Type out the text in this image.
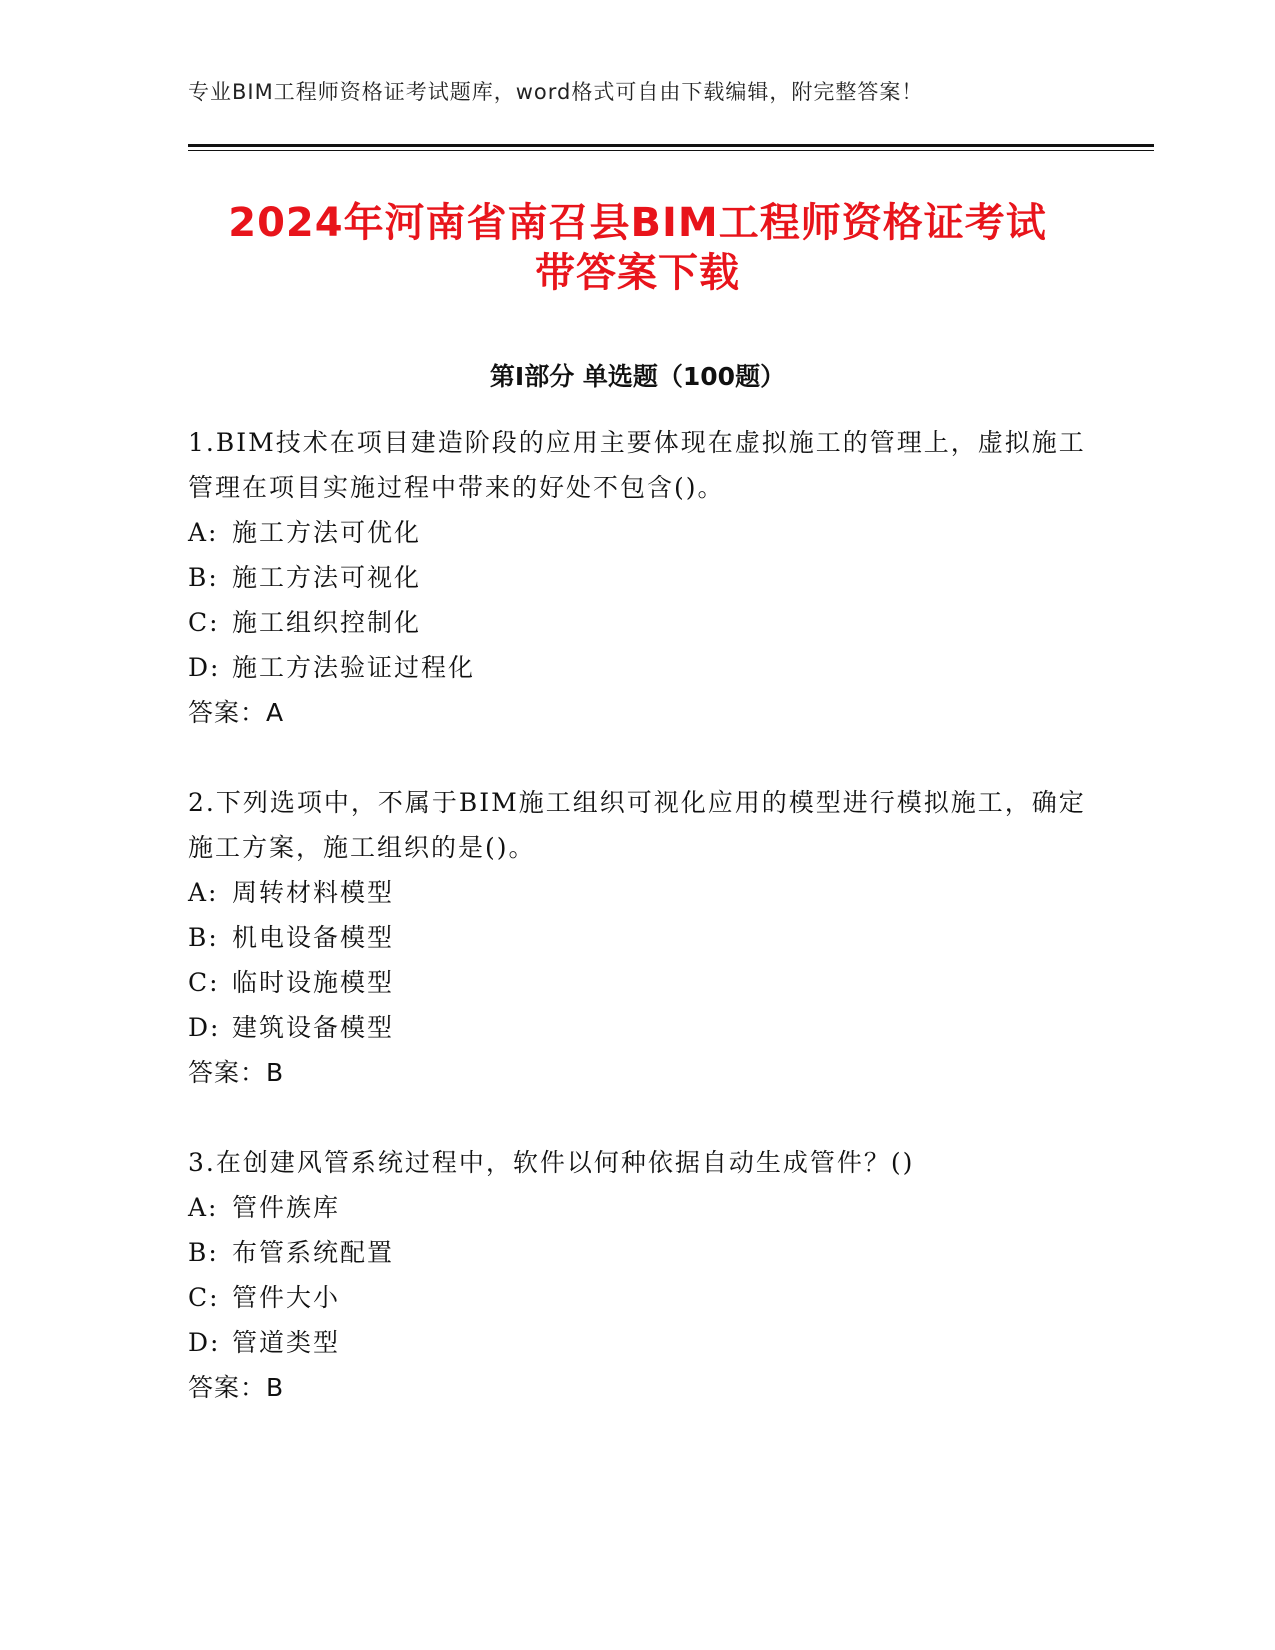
专业BIM工程师资格证考试题库，word格式可自由下载编辑，附完整答案！
2024年河南省南召县BIM工程师资格证考试
带答案下载
第Ⅰ部分 单选题（100题）

1.BIM技术在项目建造阶段的应用主要体现在虚拟施工的管理上，虚拟施工管理在项目实施过程中带来的好处不包含()。

A: 施工方法可优化

B: 施工方法可视化

C: 施工组织控制化

D: 施工方法验证过程化

答案：A

2.下列选项中，不属于BIM施工组织可视化应用的模型进行模拟施工，确定施工方案，施工组织的是()。

A: 周转材料模型

B: 机电设备模型

C: 临时设施模型

D: 建筑设备模型

答案：B

3.在创建风管系统过程中，软件以何种依据自动生成管件？()

A: 管件族库

B: 布管系统配置

C: 管件大小

D: 管道类型

答案：B
